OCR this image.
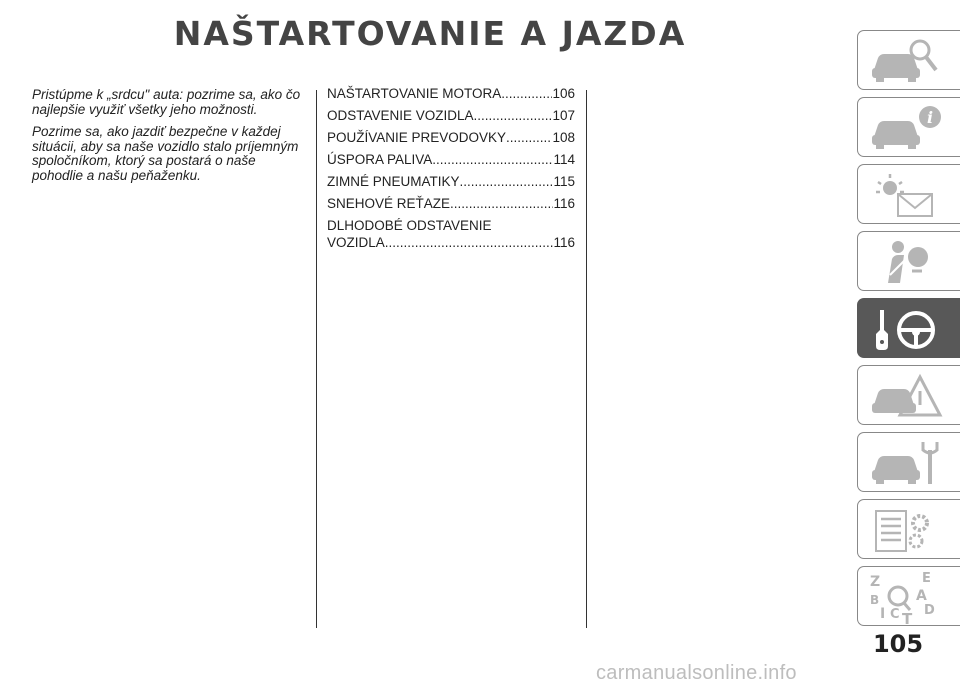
NAŠTARTOVANIE A JAZDA

Pristúpme k „srdcu" auta: pozrime sa, ako čo najlepšie využiť všetky jeho možnosti.

Pozrime sa, ako jazdiť bezpečne v každej situácii, aby sa naše vozidlo stalo príjemným spoločníkom, ktorý sa postará o naše pohodlie a našu peňaženku.

NAŠTARTOVANIE MOTORA .....	106
ODSTAVENIE VOZIDLA .....	107
POUŽÍVANIE PREVODOVKY .....	108
ÚSPORA PALIVA .....	114
ZIMNÉ PNEUMATIKY .....	115
SNEHOVÉ REŤAZE .....	116
DLHODOBÉ ODSTAVENIE
VOZIDLA .....	116
i
Z	E
A
B
D
I C T
105
carmanualsonline.info
